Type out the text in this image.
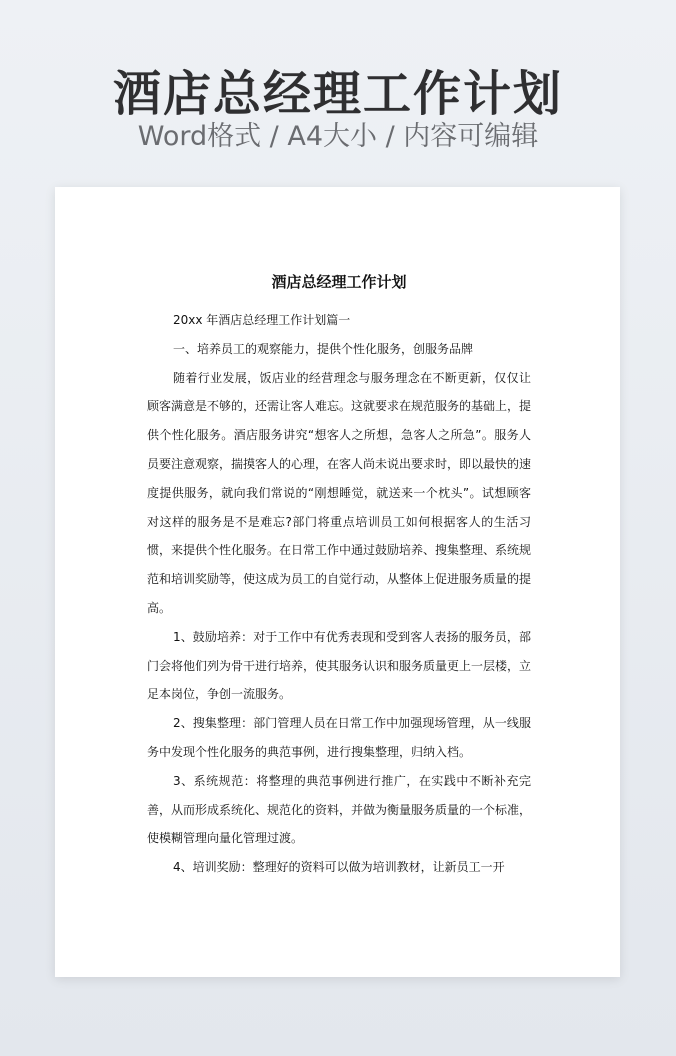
酒店总经理工作计划
Word格式 / A4大小 / 内容可编辑
酒店总经理工作计划

20xx 年酒店总经理工作计划篇一

一、培养员工的观察能力，提供个性化服务，创服务品牌

随着行业发展，饭店业的经营理念与服务理念在不断更新，仅仅让顾客满意是不够的，还需让客人难忘。这就要求在规范服务的基础上，提供个性化服务。酒店服务讲究“想客人之所想，急客人之所急”。服务人员要注意观察，揣摸客人的心理，在客人尚未说出要求时，即以最快的速度提供服务，就向我们常说的“刚想睡觉，就送来一个枕头”。试想顾客对这样的服务是不是难忘?部门将重点培训员工如何根据客人的生活习惯，来提供个性化服务。在日常工作中通过鼓励培养、搜集整理、系统规范和培训奖励等，使这成为员工的自觉行动，从整体上促进服务质量的提高。

1、鼓励培养：对于工作中有优秀表现和受到客人表扬的服务员，部门会将他们列为骨干进行培养，使其服务认识和服务质量更上一层楼，立足本岗位，争创一流服务。

2、搜集整理：部门管理人员在日常工作中加强现场管理，从一线服务中发现个性化服务的典范事例，进行搜集整理，归纳入档。

3、系统规范：将整理的典范事例进行推广，在实践中不断补充完善，从而形成系统化、规范化的资料，并做为衡量服务质量的一个标准，使模糊管理向量化管理过渡。

4、培训奖励：整理好的资料可以做为培训教材，让新员工一开
